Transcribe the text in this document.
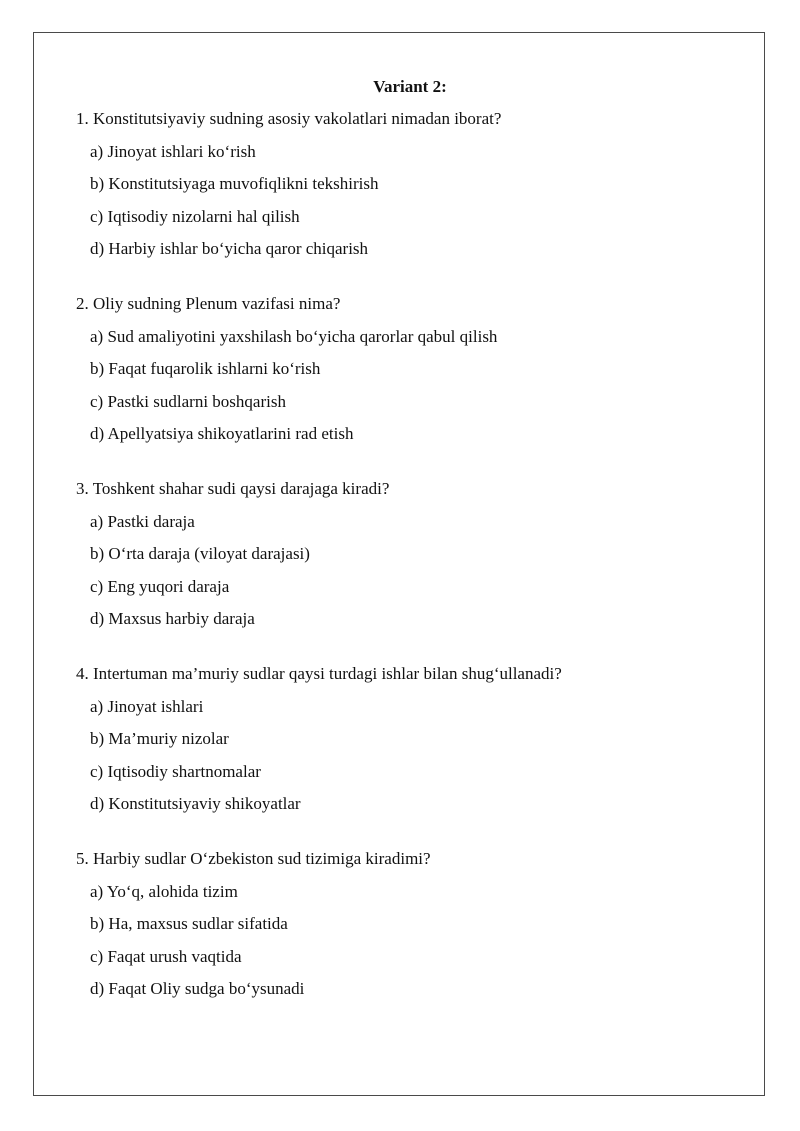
Variant 2:
1. Konstitutsiyaviy sudning asosiy vakolatlari nimadan iborat?
a) Jinoyat ishlari ko‘rish
b) Konstitutsiyaga muvofiqlikni tekshirish
c) Iqtisodiy nizolarni hal qilish
d) Harbiy ishlar bo‘yicha qaror chiqarish
2. Oliy sudning Plenum vazifasi nima?
a) Sud amaliyotini yaxshilash bo‘yicha qarorlar qabul qilish
b) Faqat fuqarolik ishlarni ko‘rish
c) Pastki sudlarni boshqarish
d) Apellyatsiya shikoyatlarini rad etish
3. Toshkent shahar sudi qaysi darajaga kiradi?
a) Pastki daraja
b) O‘rta daraja (viloyat darajasi)
c) Eng yuqori daraja
d) Maxsus harbiy daraja
4. Intertuman ma’muriy sudlar qaysi turdagi ishlar bilan shug‘ullanadi?
a) Jinoyat ishlari
b) Ma’muriy nizolar
c) Iqtisodiy shartnomalar
d) Konstitutsiyaviy shikoyatlar
5. Harbiy sudlar O‘zbekiston sud tizimiga kiradimi?
a) Yo‘q, alohida tizim
b) Ha, maxsus sudlar sifatida
c) Faqat urush vaqtida
d) Faqat Oliy sudga bo‘ysunadi
